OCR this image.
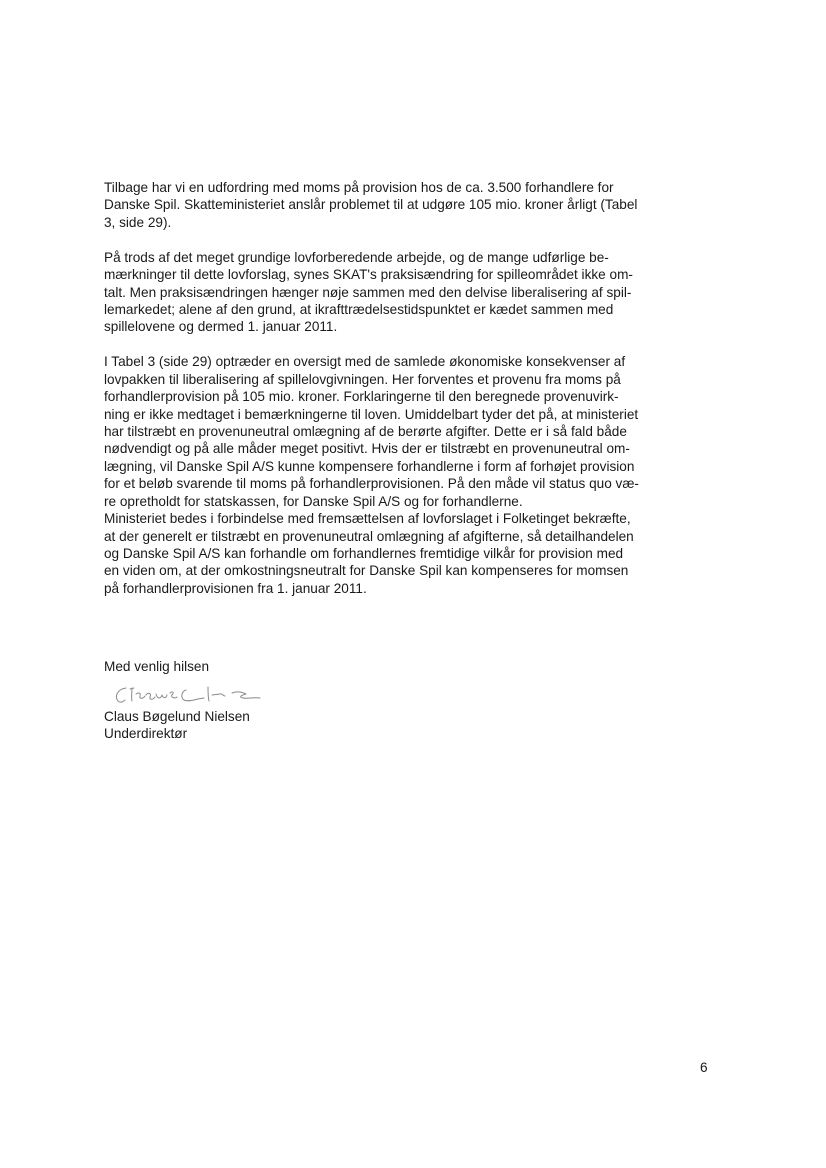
Tilbage har vi en udfordring med moms på provision hos de ca. 3.500 forhandlere for
Danske Spil. Skatteministeriet anslår problemet til at udgøre 105 mio. kroner årligt (Tabel
3, side 29).

På trods af det meget grundige lovforberedende arbejde, og de mange udførlige be-
mærkninger til dette lovforslag, synes SKAT's praksisændring for spilleområdet ikke om-
talt. Men praksisændringen hænger nøje sammen med den delvise liberalisering af spil-
lemarkedet; alene af den grund, at ikrafttrædelsestidspunktet er kædet sammen med
spillelovene og dermed 1. januar 2011.

I Tabel 3 (side 29) optræder en oversigt med de samlede økonomiske konsekvenser af
lovpakken til liberalisering af spillelovgivningen. Her forventes et provenu fra moms på
forhandlerprovision på 105 mio. kroner. Forklaringerne til den beregnede provenuvirk-
ning er ikke medtaget i bemærkningerne til loven. Umiddelbart tyder det på, at ministeriet
har tilstræbt en provenuneutral omlægning af de berørte afgifter. Dette er i så fald både
nødvendigt og på alle måder meget positivt. Hvis der er tilstræbt en provenuneutral om-
lægning, vil Danske Spil A/S kunne kompensere forhandlerne i form af forhøjet provision
for et beløb svarende til moms på forhandlerprovisionen. På den måde vil status quo væ-
re opretholdt for statskassen, for Danske Spil A/S og for forhandlerne.
Ministeriet bedes i forbindelse med fremsættelsen af lovforslaget i Folketinget bekræfte,
at der generelt er tilstræbt en provenuneutral omlægning af afgifterne, så detailhandelen
og Danske Spil A/S kan forhandle om forhandlernes fremtidige vilkår for provision med
en viden om, at der omkostningsneutralt for Danske Spil kan kompenseres for momsen
på forhandlerprovisionen fra 1. januar 2011.

Med venlig hilsen
Claus Bøgelund Nielsen
Underdirektør
6
